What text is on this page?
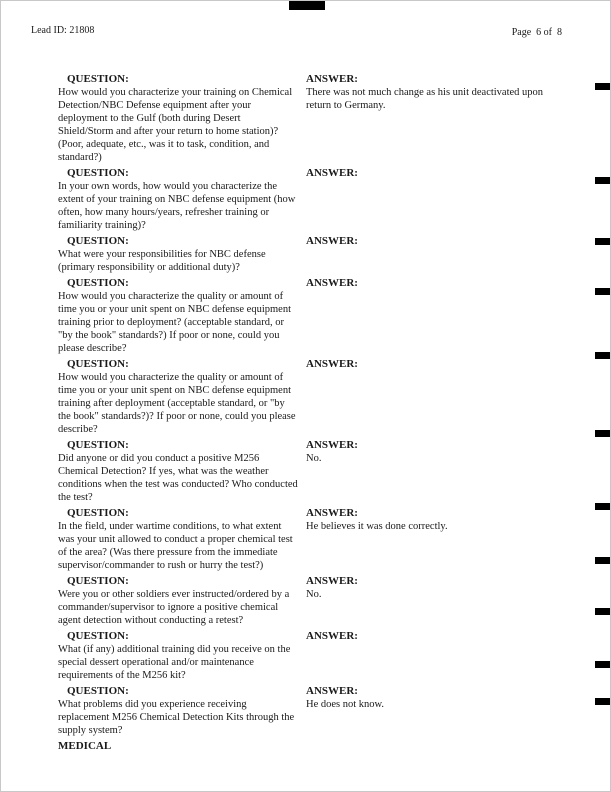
Lead ID: 21808	Page  6 of  8
QUESTION:
How would you characterize your training on Chemical Detection/NBC Defense equipment after your deployment to the Gulf (both during Desert Shield/Storm and after your return to home station)? (Poor, adequate, etc., was it to task, condition, and standard?)
ANSWER:
There was not much change as his unit deactivated upon return to Germany.
QUESTION:
In your own words, how would you characterize the extent of your training on NBC defense equipment (how often, how many hours/years, refresher training or familiarity training)?
ANSWER:
QUESTION:
What were your responsibilities for NBC defense (primary responsibility or additional duty)?
ANSWER:
QUESTION:
How would you characterize the quality or amount of time you or your unit spent on NBC defense equipment training prior to deployment? (acceptable standard, or "by the book" standards?) If poor or none, could you please describe?
ANSWER:
QUESTION:
How would you characterize the quality or amount of time you or your unit spent on NBC defense equipment training after deployment (acceptable standard, or "by the book" standards?)? If poor or none, could you please describe?
ANSWER:
QUESTION:
Did anyone or did you conduct a positive M256 Chemical Detection? If yes, what was the weather conditions when the test was conducted? Who conducted the test?
ANSWER:
No.
QUESTION:
In the field, under wartime conditions, to what extent was your unit allowed to conduct a proper chemical test of the area? (Was there pressure from the immediate supervisor/commander to rush or hurry the test?)
ANSWER:
He believes it was done correctly.
QUESTION:
Were you or other soldiers ever instructed/ordered by a commander/supervisor to ignore a positive chemical agent detection without conducting a retest?
ANSWER:
No.
QUESTION:
What (if any) additional training did you receive on the special dessert operational and/or maintenance requirements of the M256 kit?
ANSWER:
QUESTION:
What problems did you experience receiving replacement M256 Chemical Detection Kits through the supply system?
ANSWER:
He does not know.
MEDICAL
